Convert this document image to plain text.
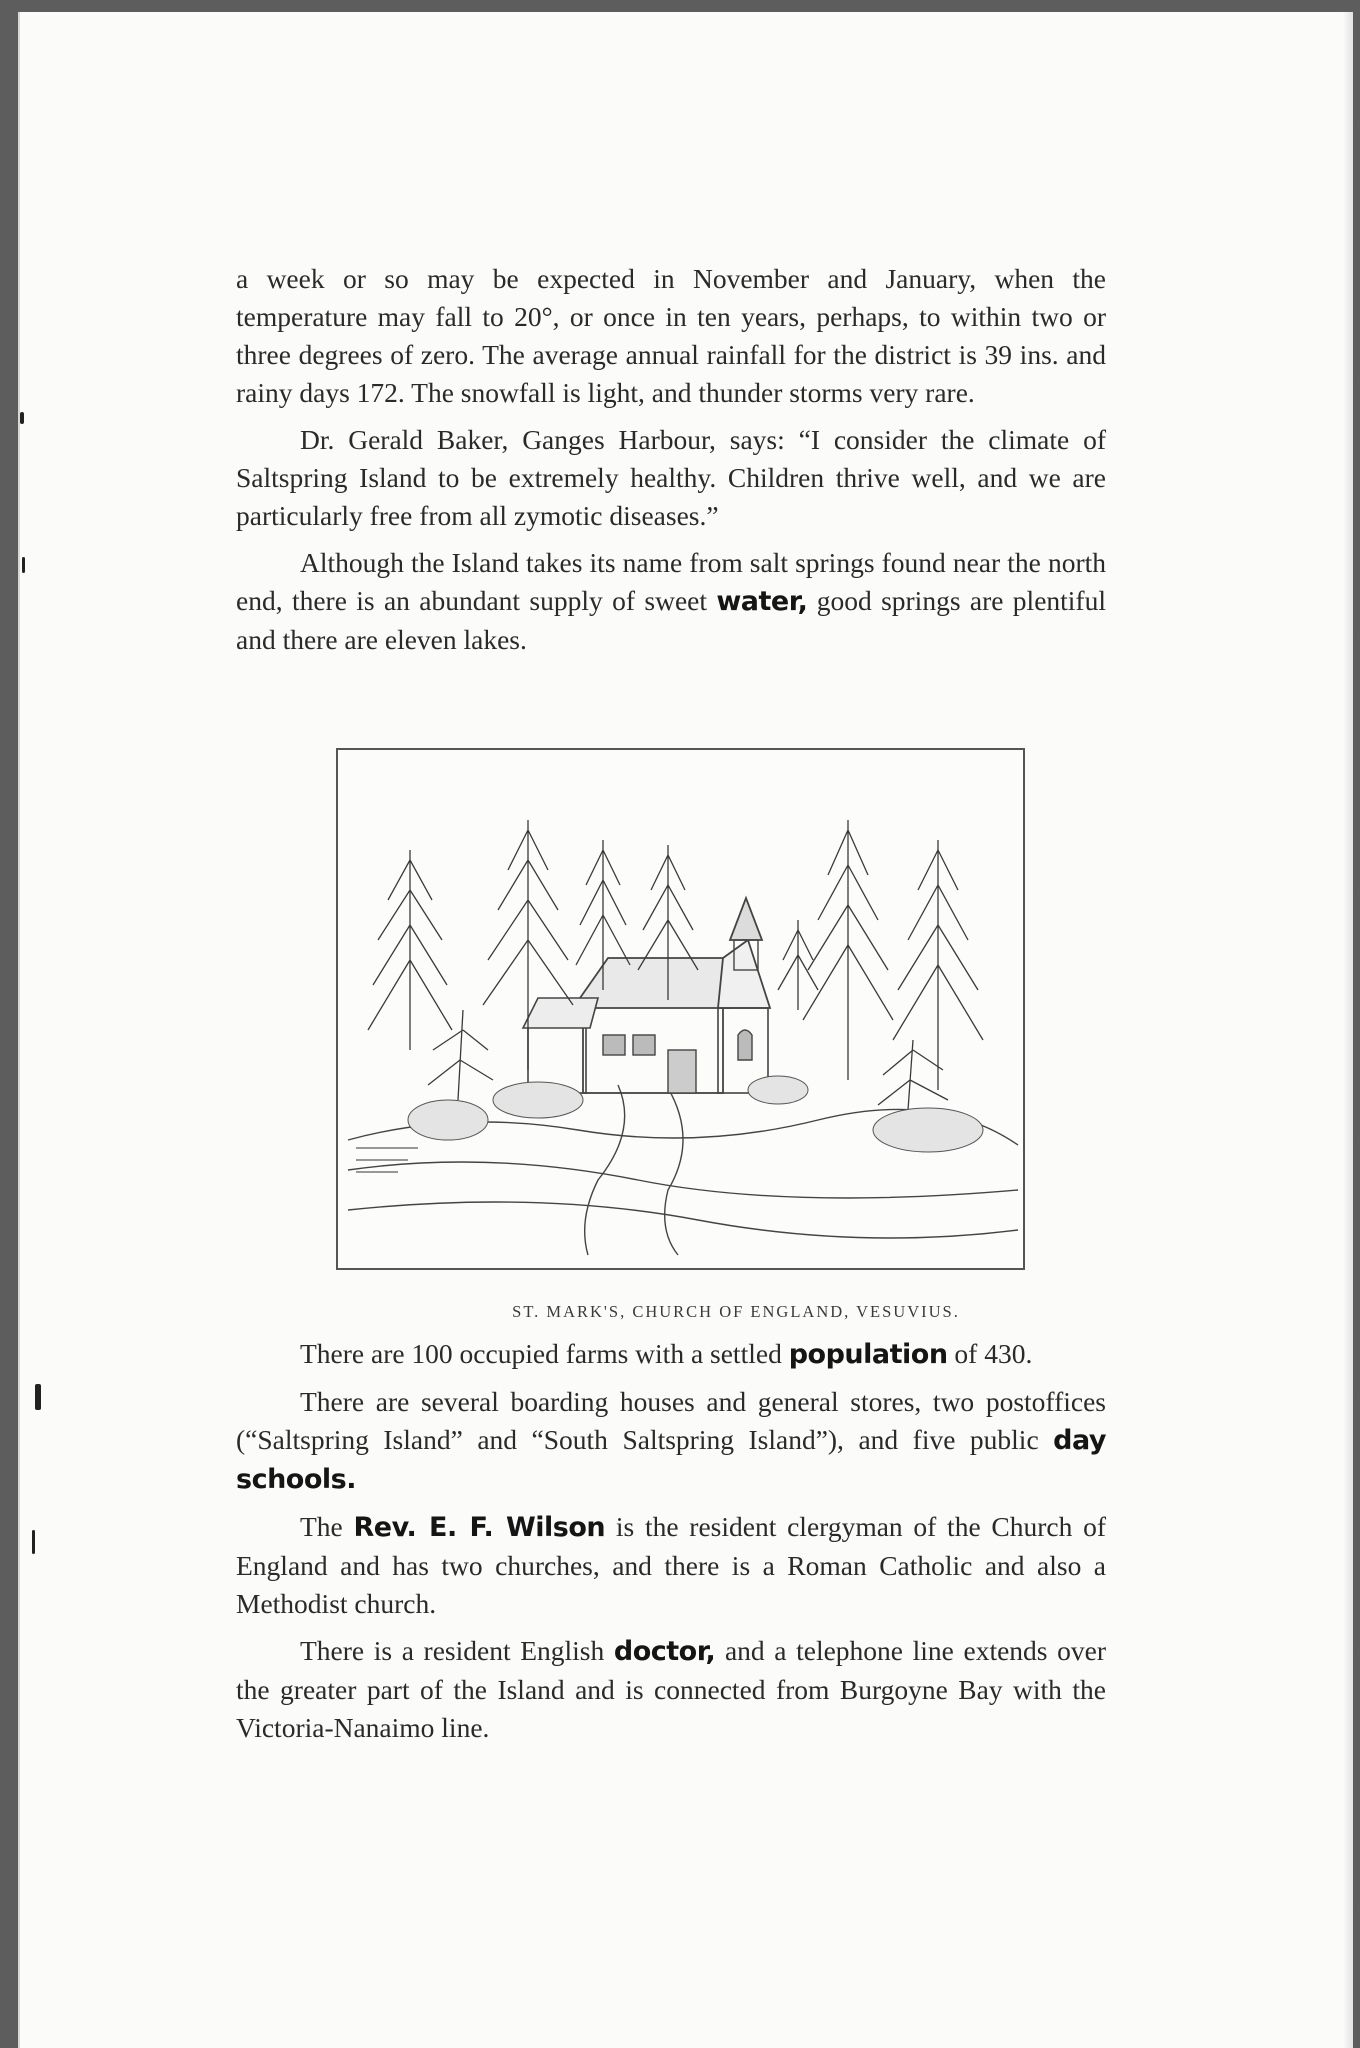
a week or so may be expected in November and January, when the temperature may fall to 20°, or once in ten years, perhaps, to within two or three degrees of zero. The average annual rainfall for the district is 39 ins. and rainy days 172. The snowfall is light, and thunder storms very rare.

Dr. Gerald Baker, Ganges Harbour, says: “I consider the climate of Saltspring Island to be extremely healthy. Children thrive well, and we are particularly free from all zymotic diseases.”

Although the Island takes its name from salt springs found near the north end, there is an abundant supply of sweet water, good springs are plentiful and there are eleven lakes.

ST. MARK'S, CHURCH OF ENGLAND, VESUVIUS.

There are 100 occupied farms with a settled population of 430.

There are several boarding houses and general stores, two postoffices (“Saltspring Island” and “South Saltspring Island”), and five public day schools.

The Rev. E. F. Wilson is the resident clergyman of the Church of England and has two churches, and there is a Roman Catholic and also a Methodist church.

There is a resident English doctor, and a telephone line extends over the greater part of the Island and is connected from Burgoyne Bay with the Victoria-Nanaimo line.
